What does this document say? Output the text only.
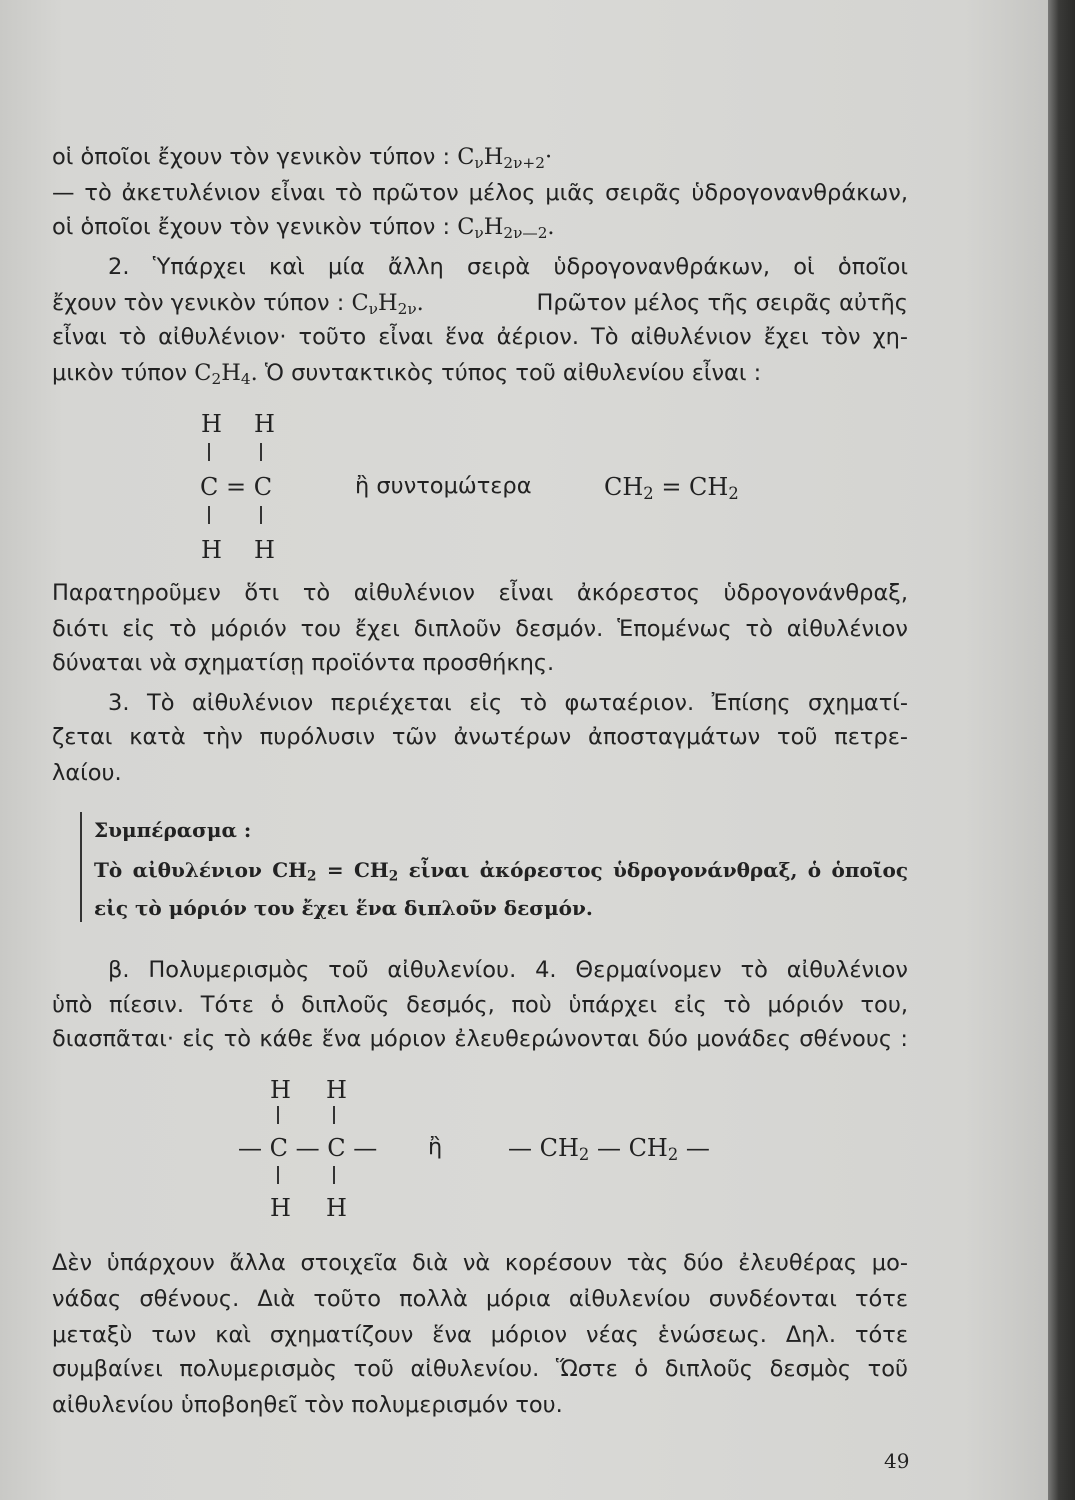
οἱ ὁποῖοι ἔχουν τὸν γενικὸν τύπον : $C_\nu H_{2\nu+2}\cdot$
— τὸ ἀκετυλένιον εἶναι τὸ πρῶτον μέλος μιᾶς σειρᾶς ὑδρογονανθράκων,
οἱ ὁποῖοι ἔχουν τὸν γενικὸν τύπον : $C_\nu H_{2\nu—2}$.
2. Ὑπάρχει καὶ μία ἄλλη σειρὰ ὑδρογονανθράκων, οἱ ὁποῖοι
ἔχουν τὸν γενικὸν τύπον : $C_\nu H_{2\nu}$.	Πρῶτον μέλος τῆς σειρᾶς αὐτῆς
εἶναι τὸ αἰθυλένιον· τοῦτο εἶναι ἕνα ἀέριον. Τὸ αἰθυλένιον ἔχει τὸν χη-
μικὸν τύπον $C_2H_4$. Ὁ συντακτικὸς τύπος τοῦ αἰθυλενίου εἶναι :
H H
C = C
H H
ἢ συντομώτερα	$CH_2 = CH_2$
Παρατηροῦμεν ὅτι τὸ αἰθυλένιον εἶναι ἀκόρεστος ὑδρογονάνθραξ,
διότι εἰς τὸ μόριόν του ἔχει διπλοῦν δεσμόν. Ἑπομένως τὸ αἰθυλένιον
δύναται νὰ σχηματίσῃ προϊόντα προσθήκης.
3. Τὸ αἰθυλένιον περιέχεται εἰς τὸ φωταέριον. Ἐπίσης σχηματί-
ζεται κατὰ τὴν πυρόλυσιν τῶν ἀνωτέρων ἀποσταγμάτων τοῦ πετρε-
λαίου.
Συμπέρασμα :
Τὸ αἰθυλένιον $CH_2 = CH_2$ εἶναι ἀκόρεστος ὑδρογονάνθραξ, ὁ ὁποῖος
εἰς τὸ μόριόν του ἔχει ἕνα διπλοῦν δεσμόν.
β. Πολυμερισμὸς τοῦ αἰθυλενίου. 4. Θερμαίνομεν τὸ αἰθυλένιον
ὑπὸ πίεσιν. Τότε ὁ διπλοῦς δεσμός, ποὺ ὑπάρχει εἰς τὸ μόριόν του,
διασπᾶται· εἰς τὸ κάθε ἕνα μόριον ἐλευθερώνονται δύο μονάδες σθένους :
H H
— C — C —
H H
ἢ	— $CH_2$ — $CH_2$ —
Δὲν ὑπάρχουν ἄλλα στοιχεῖα διὰ νὰ κορέσουν τὰς δύο ἐλευθέρας μο-
νάδας σθένους. Διὰ τοῦτο πολλὰ μόρια αἰθυλενίου συνδέονται τότε
μεταξὺ των καὶ σχηματίζουν ἕνα μόριον νέας ἑνώσεως. Δηλ. τότε
συμβαίνει πολυμερισμὸς τοῦ αἰθυλενίου. Ὥστε ὁ διπλοῦς δεσμὸς τοῦ
αἰθυλενίου ὑποβοηθεῖ τὸν πολυμερισμόν του.
49
